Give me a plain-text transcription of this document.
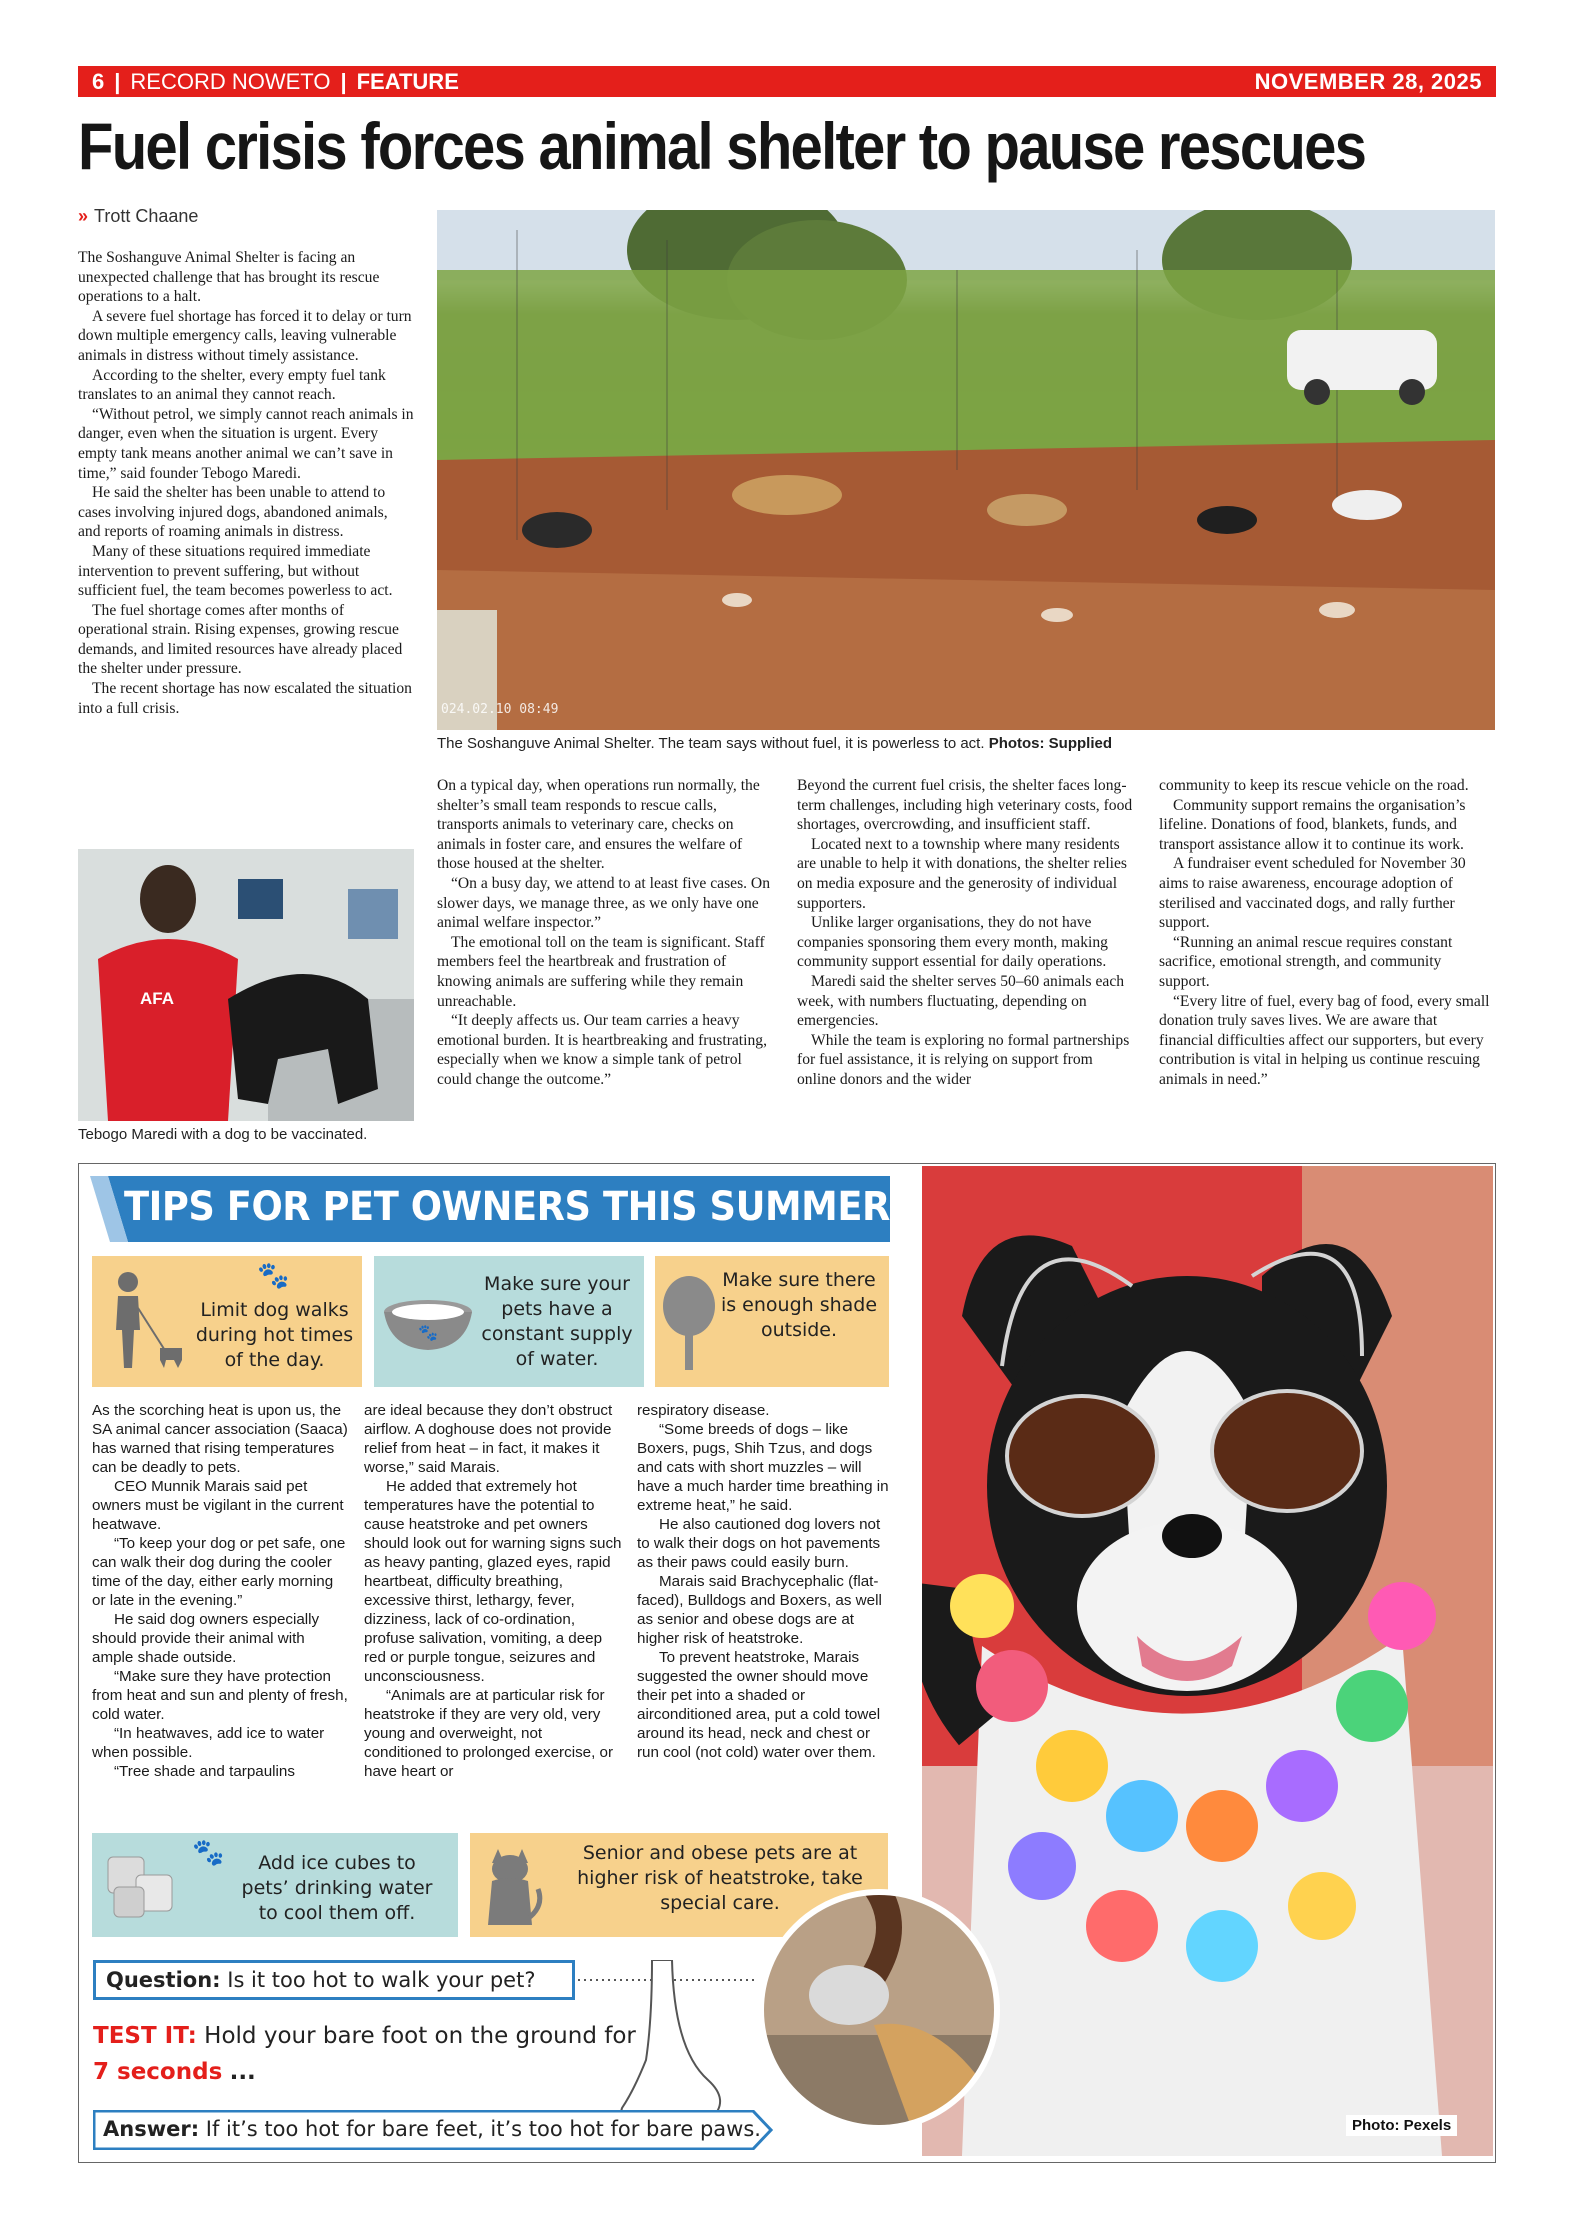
6 | RECORD NOWETO | FEATURE	NOVEMBER 28, 2025
Fuel crisis forces animal shelter to pause rescues
» Trott Chaane

The Soshanguve Animal Shelter is facing an unexpected challenge that has brought its rescue operations to a halt.

A severe fuel shortage has forced it to delay or turn down multiple emergency calls, leaving vulnerable animals in distress without timely assistance.

According to the shelter, every empty fuel tank translates to an animal they cannot reach.

“Without petrol, we simply cannot reach animals in danger, even when the situation is urgent. Every empty tank means another animal we can’t save in time,” said founder Tebogo Maredi.

He said the shelter has been unable to attend to cases involving injured dogs, abandoned animals, and reports of roaming animals in distress.

Many of these situations required immediate intervention to prevent suffering, but without sufficient fuel, the team becomes powerless to act.

The fuel shortage comes after months of operational strain. Rising expenses, growing rescue demands, and limited resources have already placed the shelter under pressure.

The recent shortage has now escalated the situation into a full crisis.	024.02.10 08:49
The Soshanguve Animal Shelter. The team says without fuel, it is powerless to act. Photos: Supplied
AFA
Tebogo Maredi with a dog to be vaccinated.

On a typical day, when operations run normally, the shelter’s small team responds to rescue calls, transports animals to veterinary care, checks on animals in foster care, and ensures the welfare of those housed at the shelter.

“On a busy day, we attend to at least five cases. On slower days, we manage three, as we only have one animal welfare inspector.”

The emotional toll on the team is significant. Staff members feel the heartbreak and frustration of knowing animals are suffering while they remain unreachable.

“It deeply affects us. Our team carries a heavy emotional burden. It is heartbreaking and frustrating, especially when we know a simple tank of petrol could change the outcome.”

Beyond the current fuel crisis, the shelter faces long-term challenges, including high veterinary costs, food shortages, overcrowding, and insufficient staff.

Located next to a township where many residents are unable to help it with donations, the shelter relies on media exposure and the generosity of individual supporters.

Unlike larger organisations, they do not have companies sponsoring them every month, making community support essential for daily operations.

Maredi said the shelter serves 50–60 animals each week, with numbers fluctuating, depending on emergencies.

While the team is exploring no formal partnerships for fuel assistance, it is relying on support from online donors and the wider

community to keep its rescue vehicle on the road.

Community support remains the organisation’s lifeline. Donations of food, blankets, funds, and transport assistance allow it to continue its work.

A fundraiser event scheduled for November 30 aims to raise awareness, encourage adoption of sterilised and vaccinated dogs, and rally further support.

“Running an animal rescue requires constant sacrifice, emotional strength, and community support.

“Every litre of fuel, every bag of food, every small donation truly saves lives. We are aware that financial difficulties affect our supporters, but every contribution is vital in helping us continue rescuing animals in need.”

TIPS FOR PET OWNERS THIS SUMMER
🐾
Limit dog walks during hot times of the day.
🐾
Make sure your pets have a constant supply of water.
Make sure there is enough shade outside.

As the scorching heat is upon us, the SA animal cancer association (Saaca) has warned that rising temperatures can be deadly to pets.

CEO Munnik Marais said pet owners must be vigilant in the current heatwave.

“To keep your dog or pet safe, one can walk their dog during the cooler time of the day, either early morning or late in the evening.”

He said dog owners especially should provide their animal with ample shade outside.

“Make sure they have protection from heat and sun and plenty of fresh, cold water.

“In heatwaves, add ice to water when possible.

“Tree shade and tarpaulins

are ideal because they don’t obstruct airflow. A doghouse does not provide relief from heat – in fact, it makes it worse,” said Marais.

He added that extremely hot temperatures have the potential to cause heatstroke and pet owners should look out for warning signs such as heavy panting, glazed eyes, rapid heartbeat, difficulty breathing, excessive thirst, lethargy, fever, dizziness, lack of co-ordination, profuse salivation, vomiting, a deep red or purple tongue, seizures and unconsciousness.

“Animals are at particular risk for heatstroke if they are very old, very young and overweight, not conditioned to prolonged exercise, or have heart or

respiratory disease.

“Some breeds of dogs – like Boxers, pugs, Shih Tzus, and dogs and cats with short muzzles – will have a much harder time breathing in extreme heat,” he said.

He also cautioned dog lovers not to walk their dogs on hot pavements as their paws could easily burn.

Marais said Brachycephalic (flat-faced), Bulldogs and Boxers, as well as senior and obese dogs are at higher risk of heatstroke.

To prevent heatstroke, Marais suggested the owner should move their pet into a shaded or airconditioned area, put a cold towel around its head, neck and chest or run cool (not cold) water over them.

🐾	Add ice cubes to pets’ drinking water to cool them off.
Senior and obese pets are at higher risk of heatstroke, take special care.
Photo: Pexels
Question: Is it too hot to walk your pet?
TEST IT: Hold your bare foot on the ground for 7 seconds ...
Answer: If it’s too hot for bare feet, it’s too hot for bare paws.
